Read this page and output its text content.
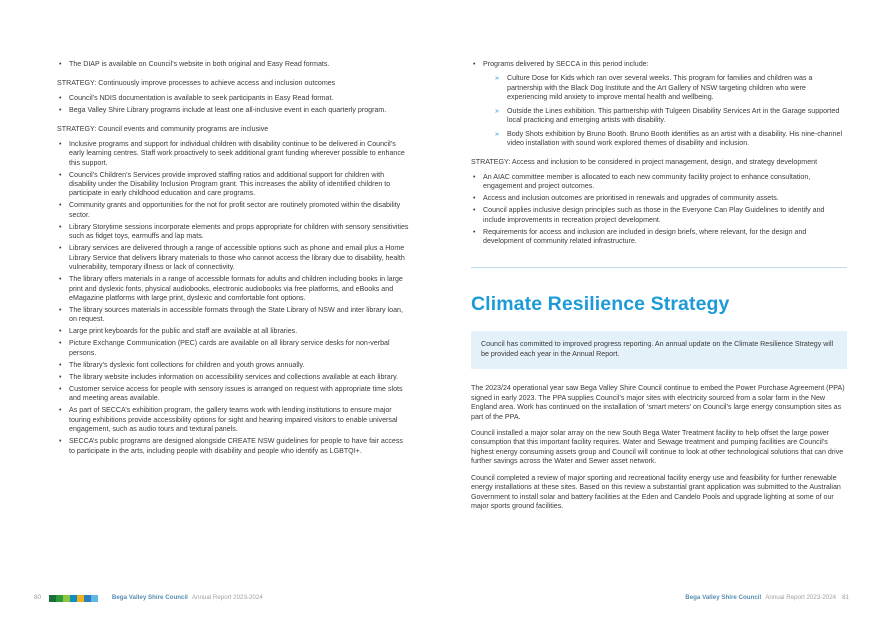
• The DIAP is available on Council’s website in both original and Easy Read formats.

STRATEGY: Continuously improve processes to achieve access and inclusion outcomes

• Council’s NDIS documentation is available to seek participants in Easy Read format.
• Bega Valley Shire Library programs include at least one all-inclusive event in each quarterly program.

STRATEGY: Council events and community programs are inclusive

• Inclusive programs and support for individual children with disability continue to be delivered in Council’s early learning centres. Staff work proactively to seek additional grant funding wherever possible to enhance this support.
• Council’s Children’s Services provide improved staffing ratios and additional support for children with disability under the Disability Inclusion Program grant. This increases the ability of identified children to participate in early childhood education and care programs.
• Community grants and opportunities for the not for profit sector are routinely promoted within the disability sector.
• Library Storytime sessions incorporate elements and props appropriate for children with sensory sensitivities such as fidget toys, earmuffs and lap mats.
• Library services are delivered through a range of accessible options such as phone and email plus a Home Library Service that delivers library materials to those who cannot access the library due to disability, health vulnerability, temporary illness or lack of connectivity.
• The library offers materials in a range of accessible formats for adults and children including books in large print and dyslexic fonts, physical audiobooks, electronic audiobooks via free platforms, and eBooks and eMagazine platforms with large print, dyslexic and comfortable font options.
• The library sources materials in accessible formats through the State Library of NSW and inter library loan, on request.
• Large print keyboards for the public and staff are available at all libraries.
• Picture Exchange Communication (PEC) cards are available on all library service desks for non-verbal persons.
• The library’s dyslexic font collections for children and youth grows annually.
• The library website includes information on accessibility services and collections available at each library.
• Customer service access for people with sensory issues is arranged on request with appropriate time slots and meeting areas available.
• As part of SECCA’s exhibition program, the gallery teams work with lending institutions to ensure major touring exhibitions provide accessibility options for sight and hearing impaired visitors to enable universal engagement, such as audio tours and textural panels.
• SECCA’s public programs are designed alongside CREATE NSW guidelines for people to have fair access to participate in the arts, including people with disability and people who identify as LGBTQI+.
• Programs delivered by SECCA in this period include:
» Culture Dose for Kids which ran over several weeks. This program for families and children was a partnership with the Black Dog Institute and the Art Gallery of NSW targeting children who were experiencing mild anxiety to improve mental health and wellbeing.
» Outside the Lines exhibition. This partnership with Tulgeen Disability Services Art in the Garage supported local practicing and emerging artists with disability.
» Body Shots exhibition by Bruno Booth. Bruno Booth identifies as an artist with a disability. His nine-channel video installation with sound work explored themes of disability and inclusion.

STRATEGY: Access and inclusion to be considered in project management, design, and strategy development

• An AIAC committee member is allocated to each new community facility project to enhance consultation, engagement and project outcomes.
• Access and inclusion outcomes are prioritised in renewals and upgrades of community assets.
• Council applies inclusive design principles such as those in the Everyone Can Play Guidelines to identify and include improvements in recreation project development.
• Requirements for access and inclusion are included in design briefs, where relevant, for the design and development of community related infrastructure.
Climate Resilience Strategy

Council has committed to improved progress reporting. An annual update on the Climate Resilience Strategy will be provided each year in the Annual Report.

The 2023/24 operational year saw Bega Valley Shire Council continue to embed the Power Purchase Agreement (PPA) signed in early 2023. The PPA supplies Council’s major sites with electricity sourced from a solar farm in the New England area. Work has continued on the installation of ‘smart meters’ on Council’s large energy consumption sites as part of the PPA.

Council installed a major solar array on the new South Bega Water Treatment facility to help offset the large power consumption that this important facility requires. Water and Sewage treatment and pumping facilities are Council’s highest energy consuming assets group and Council will continue to look at other technological solutions that can drive further savings across the Water and Sewer asset network.

Council completed a review of major sporting and recreational facility energy use and feasibility for further renewable energy installations at these sites. Based on this review a substantial grant application was submitted to the Australian Government to install solar and battery facilities at the Eden and Candelo Pools and upgrade lighting at some of our major sports ground facilities.

80	Bega Valley Shire Council Annual Report 2023-2024	Bega Valley Shire Council Annual Report 2023-2024 81
